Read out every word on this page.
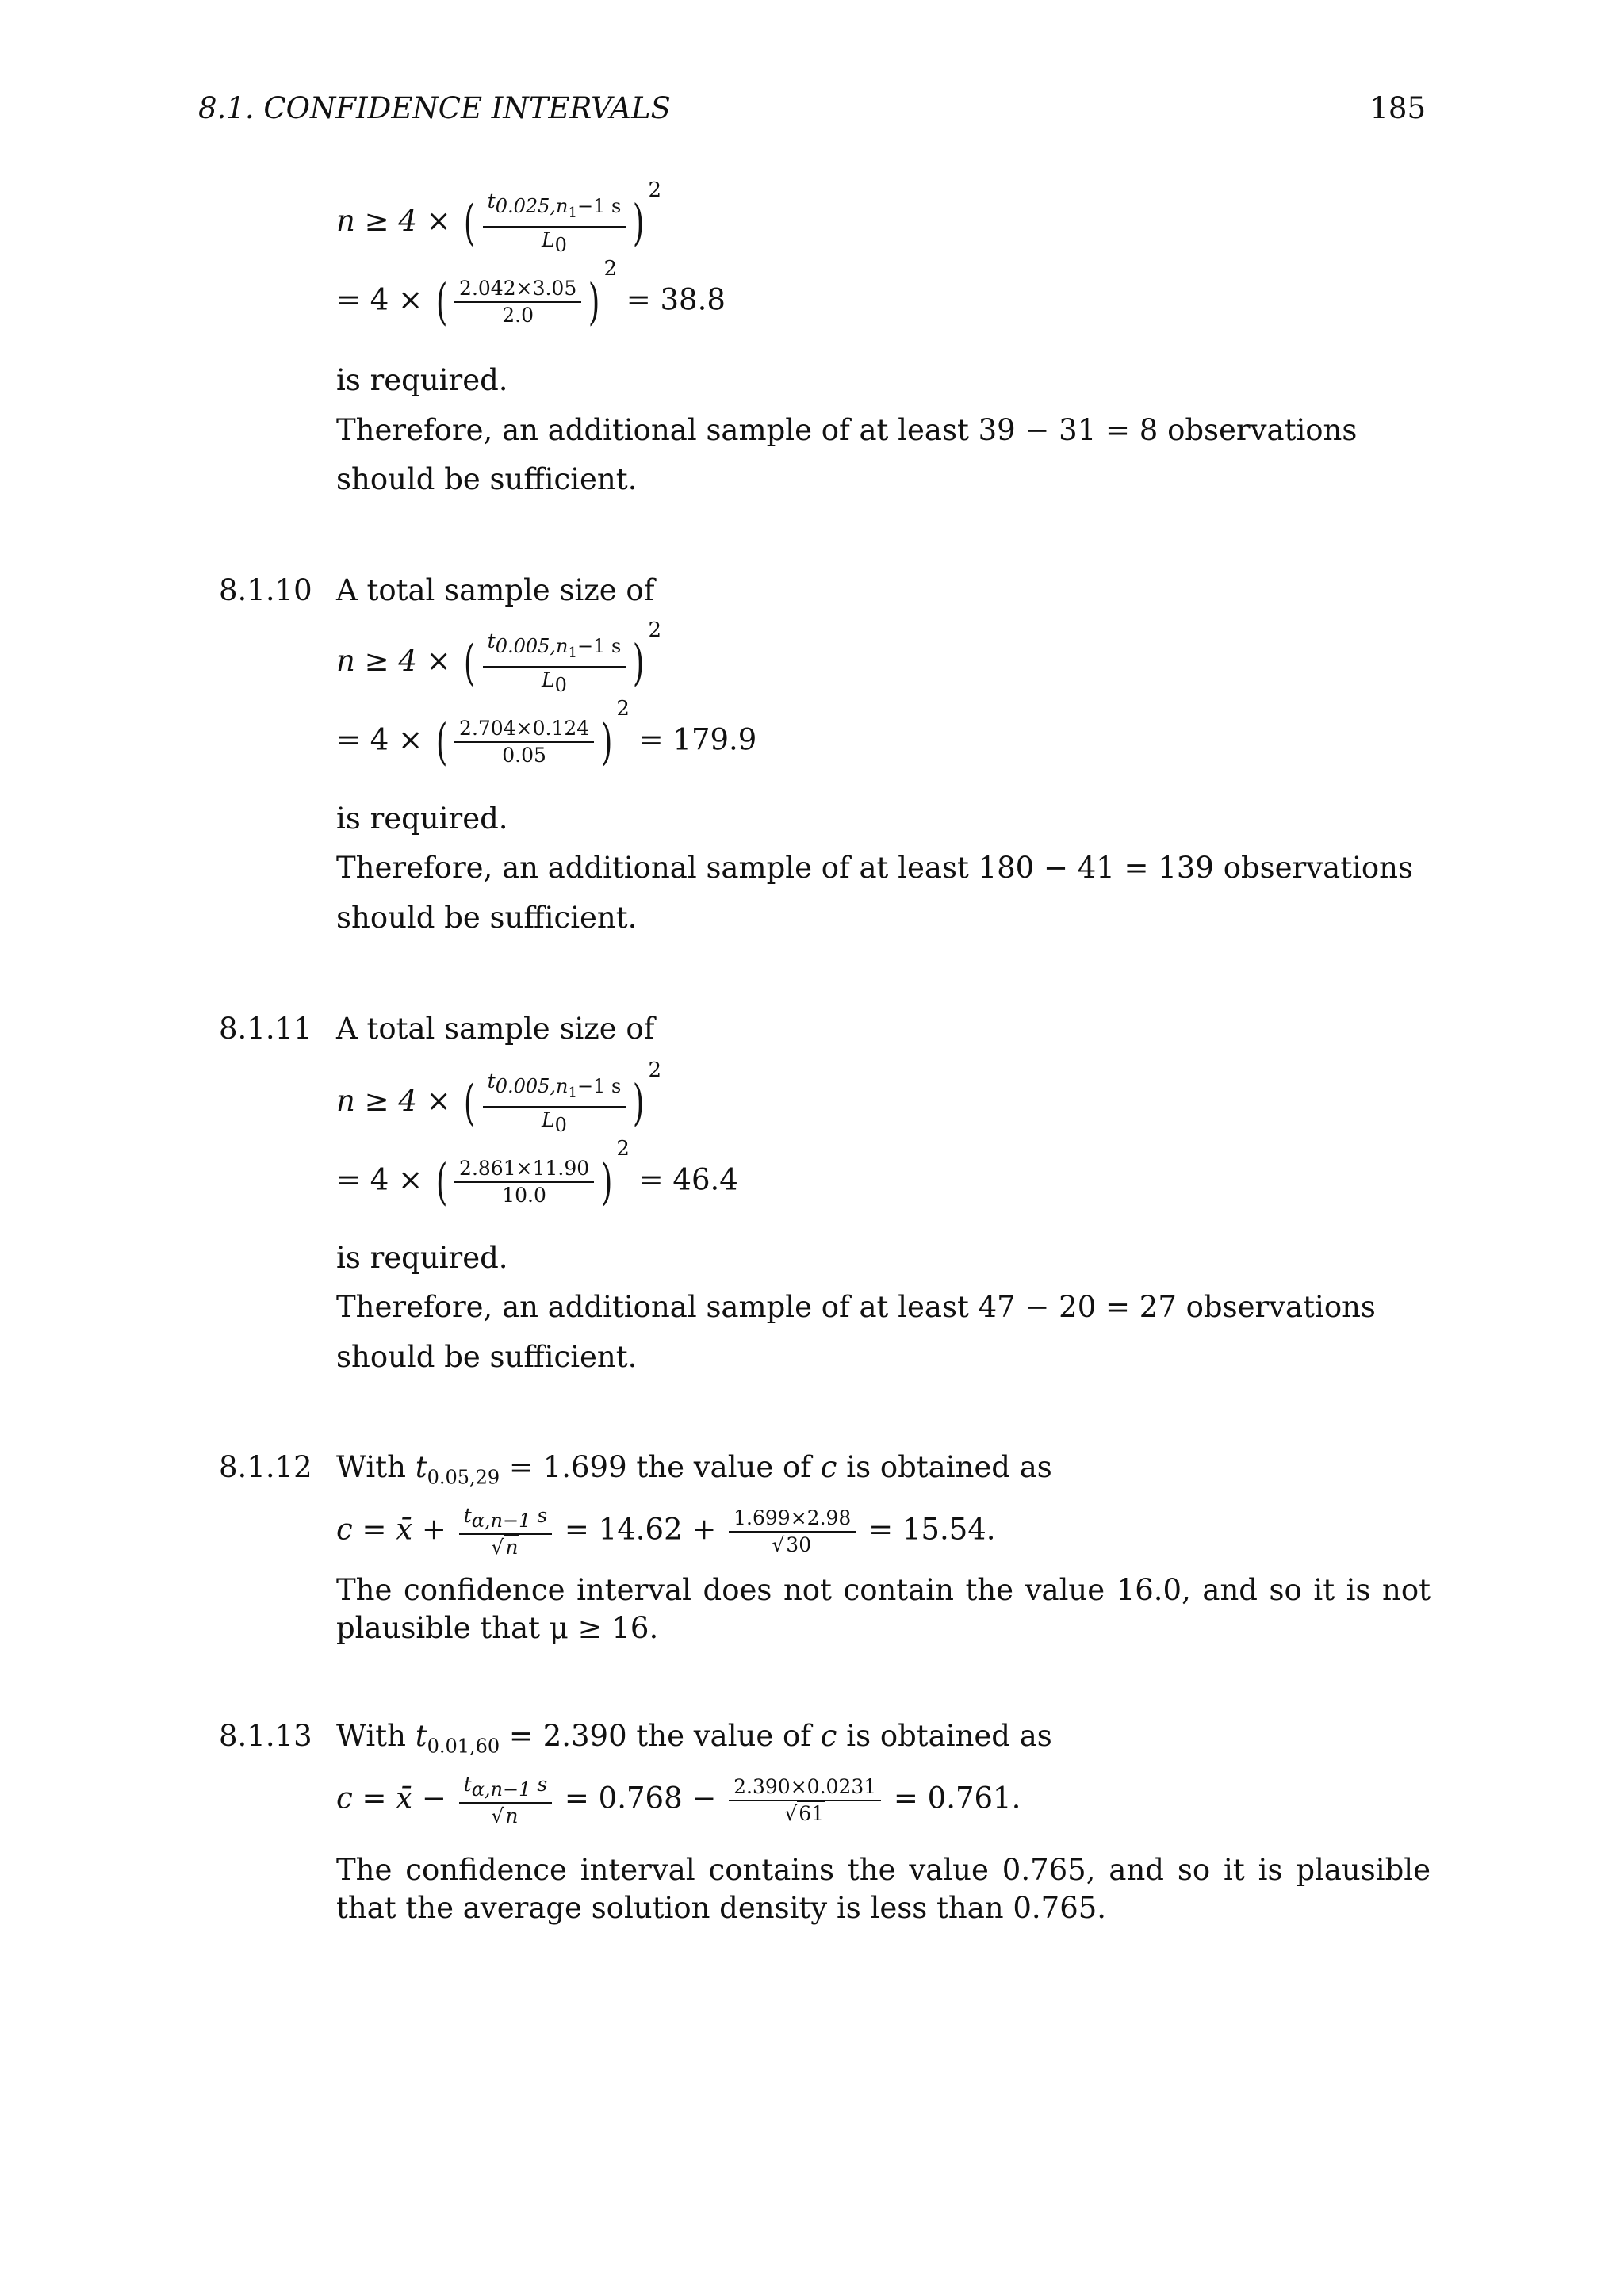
8.1. CONFIDENCE INTERVALS	185
n ≥ 4 × ( $\frac{t_{0.025,n_1-1 s}}{L_0} )^2$
= 4 × ( $\frac{2.042\times 3.05}{2.0} )^2 = 38.8$
is required.
Therefore, an additional sample of at least 39 − 31 = 8 observations
should be sufficient.
8.1.10 A total sample size of
n ≥ 4 × ( $\frac{t_{0.005,n_1-1 s}}{L_0} )^2$
= 4 × ( $\frac{2.704\times 0.124}{0.05} )^2 = 179.9$
is required.
Therefore, an additional sample of at least 180 − 41 = 139 observations
should be sufficient.
8.1.11 A total sample size of
n ≥ 4 × ( $\frac{t_{0.005,n_1-1 s}}{L_0} )^2$
= 4 × ( $\frac{2.861\times 11.90}{10.0} )^2 = 46.4$
is required.
Therefore, an additional sample of at least 47 − 20 = 27 observations
should be sufficient.
8.1.12 With $t_{0.05,29} = 1.699$ the value of c is obtained as
c = x̄ + $\frac{t_{\alpha,n-1} s}{√n} = 14.62 + \frac{1.699\times 2.98}{√30} = 15.54$.
The confidence interval does not contain the value 16.0, and so it is not plausible that μ ≥ 16.
8.1.13 With $t_{0.01,60} = 2.390$ the value of c is obtained as
c = x̄ − $\frac{t_{\alpha,n-1} s}{√n} = 0.768 - \frac{2.390\times 0.0231}{√61} = 0.761$.
The confidence interval contains the value 0.765, and so it is plausible that the average solution density is less than 0.765.
